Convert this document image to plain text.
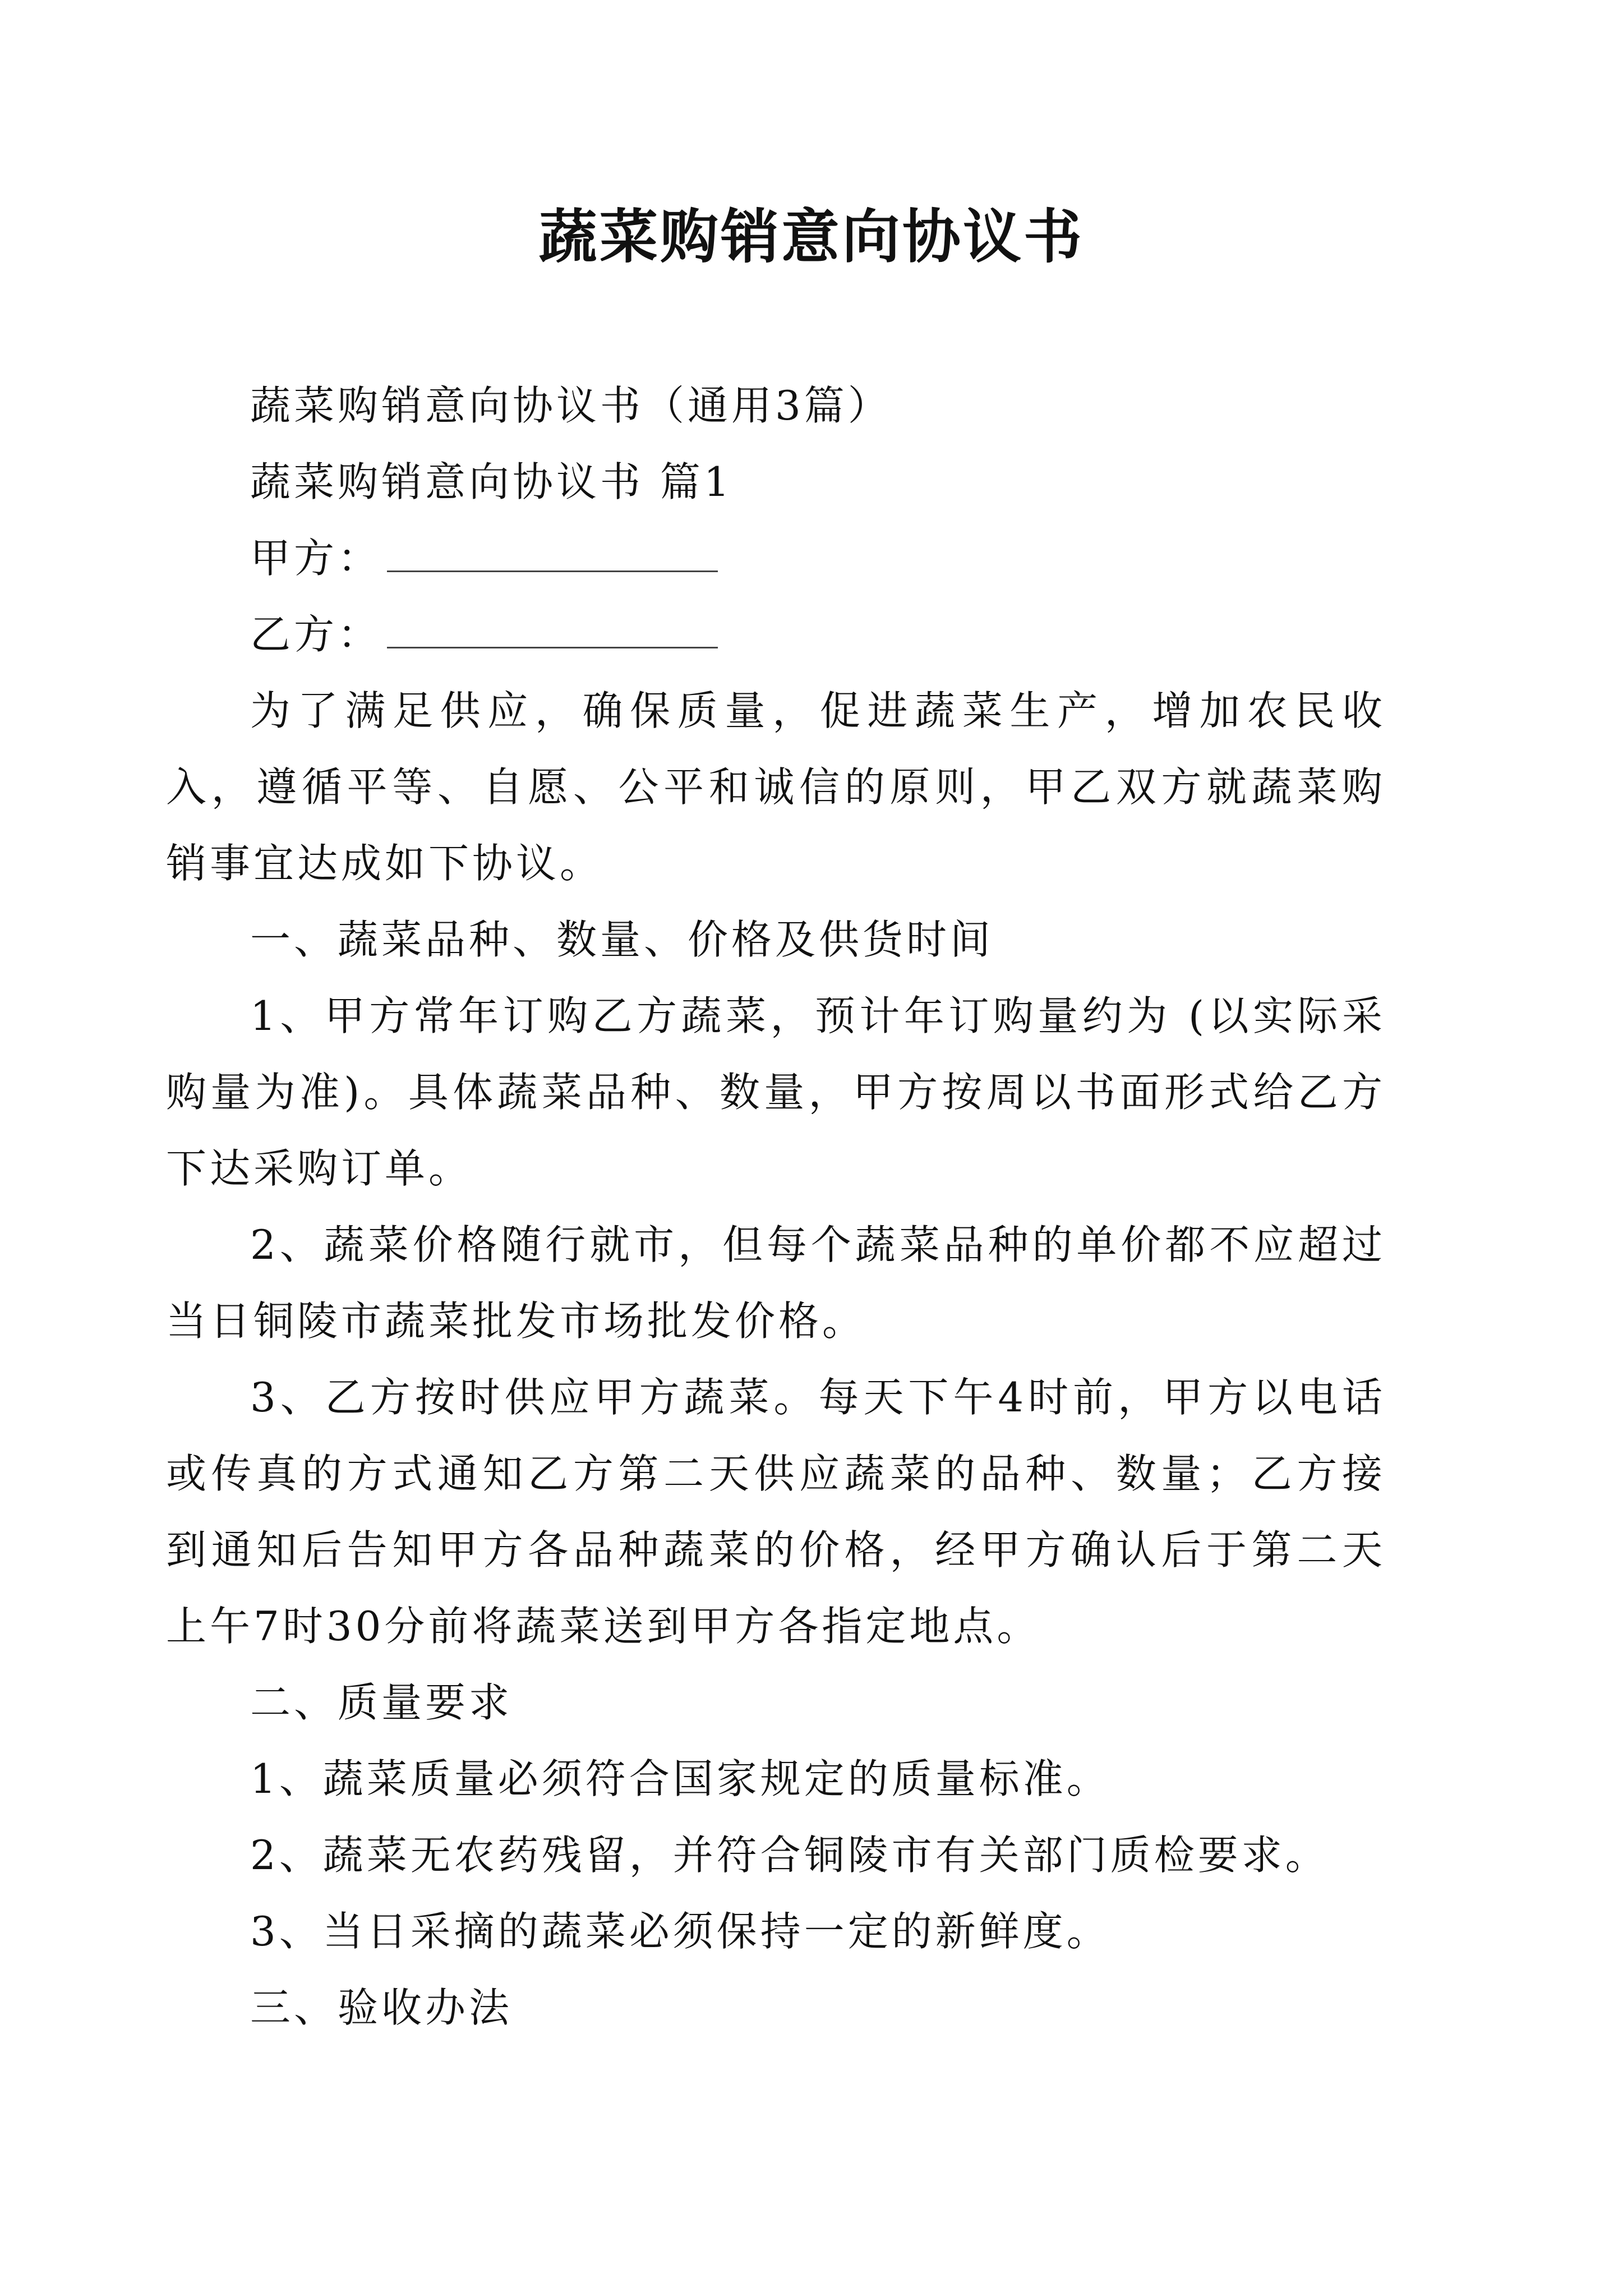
蔬菜购销意向协议书

蔬菜购销意向协议书（通用3篇）

蔬菜购销意向协议书 篇1

甲方：

乙方：

为了满足供应，确保质量，促进蔬菜生产，增加农民收入，遵循平等、自愿、公平和诚信的原则，甲乙双方就蔬菜购销事宜达成如下协议。

一、蔬菜品种、数量、价格及供货时间

1、甲方常年订购乙方蔬菜，预计年订购量约为 (以实际采购量为准)。具体蔬菜品种、数量，甲方按周以书面形式给乙方下达采购订单。

2、蔬菜价格随行就市，但每个蔬菜品种的单价都不应超过当日铜陵市蔬菜批发市场批发价格。

3、乙方按时供应甲方蔬菜。每天下午4时前，甲方以电话或传真的方式通知乙方第二天供应蔬菜的品种、数量；乙方接到通知后告知甲方各品种蔬菜的价格，经甲方确认后于第二天上午7时30分前将蔬菜送到甲方各指定地点。

二、质量要求

1、蔬菜质量必须符合国家规定的质量标准。

2、蔬菜无农药残留，并符合铜陵市有关部门质检要求。

3、当日采摘的蔬菜必须保持一定的新鲜度。

三、验收办法
